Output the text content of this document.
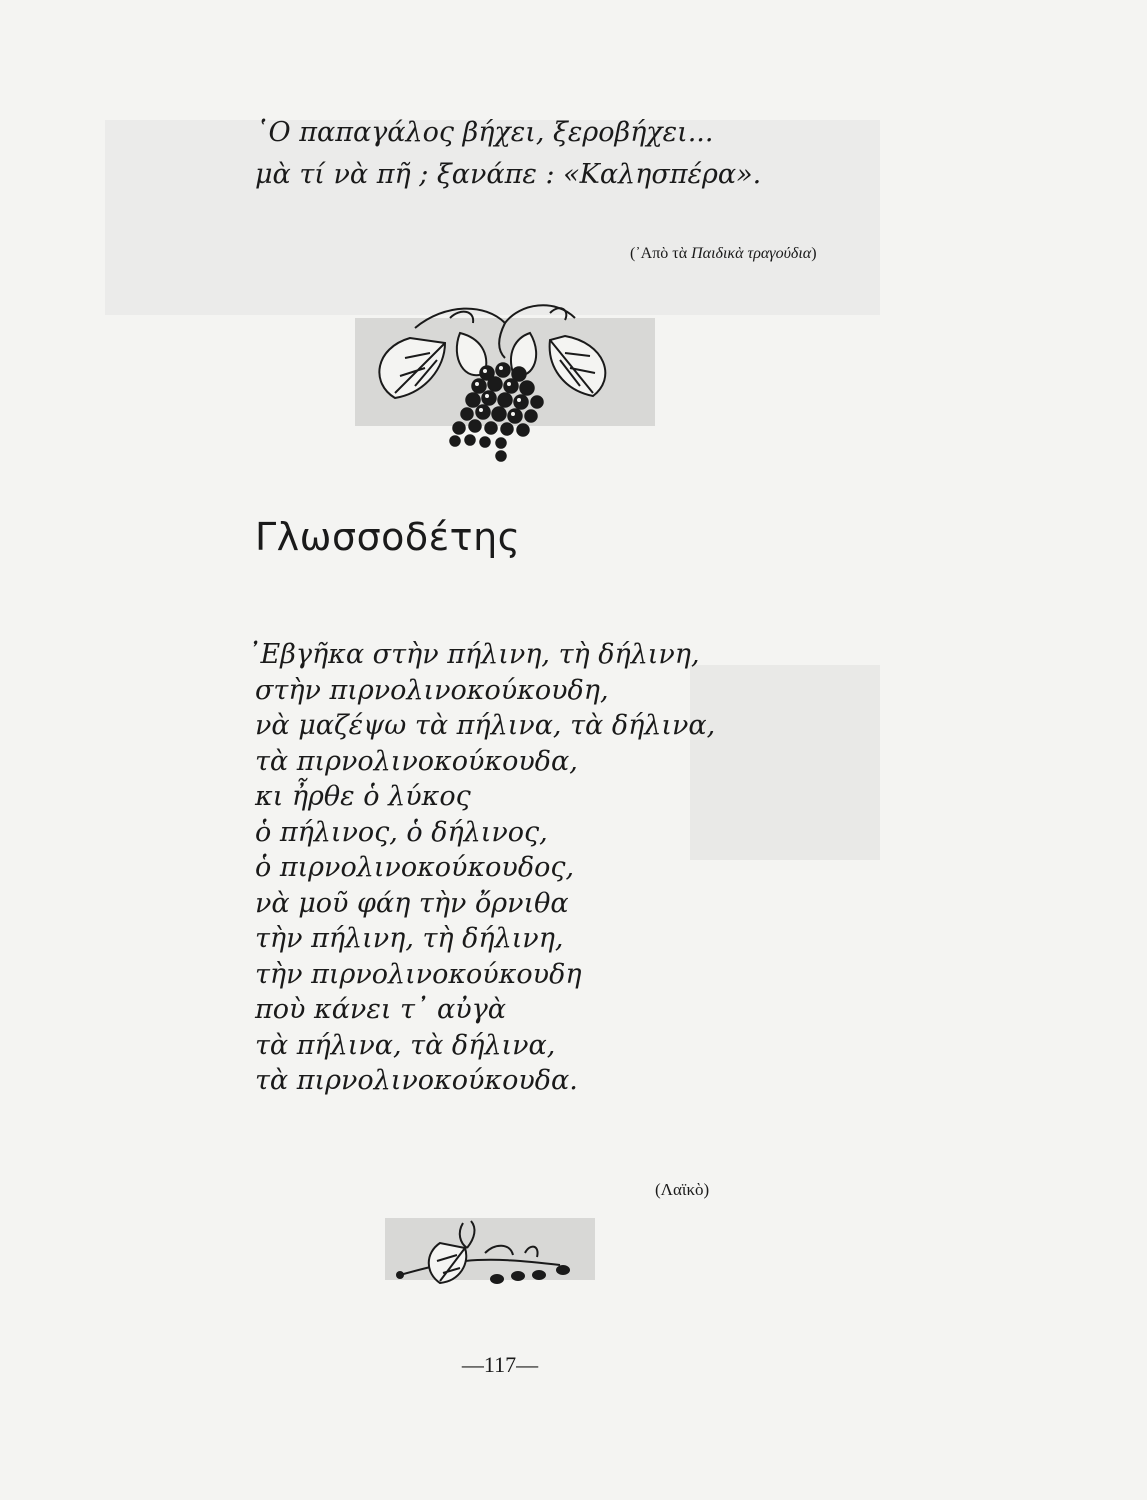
῾Ο παπαγάλος βήχει, ξεροβήχει...
μὰ τί νὰ πῆ ; ξανάπε : «Καλησπέρα».
(᾿Απὸ τὰ Παιδικὰ τραγούδια)
Γλωσσοδέτης
᾿Εβγῆκα στὴν πήλινη, τὴ δήλινη,
στὴν πιρνολινοκούκουδη,
νὰ μαζέψω τὰ πήλινα, τὰ δήλινα,
τὰ πιρνολινοκούκουδα,
κι ἦρθε ὁ λύκος
ὁ πήλινος, ὁ δήλινος,
ὁ πιρνολινοκούκουδος,
νὰ μοῦ φάη τὴν ὄρνιθα
τὴν πήλινη, τὴ δήλινη,
τὴν πιρνολινοκούκουδη
ποὺ κάνει τ᾿ αὐγὰ
τὰ πήλινα, τὰ δήλινα,
τὰ πιρνολινοκούκουδα.
(Λαϊκὸ)
—117—
